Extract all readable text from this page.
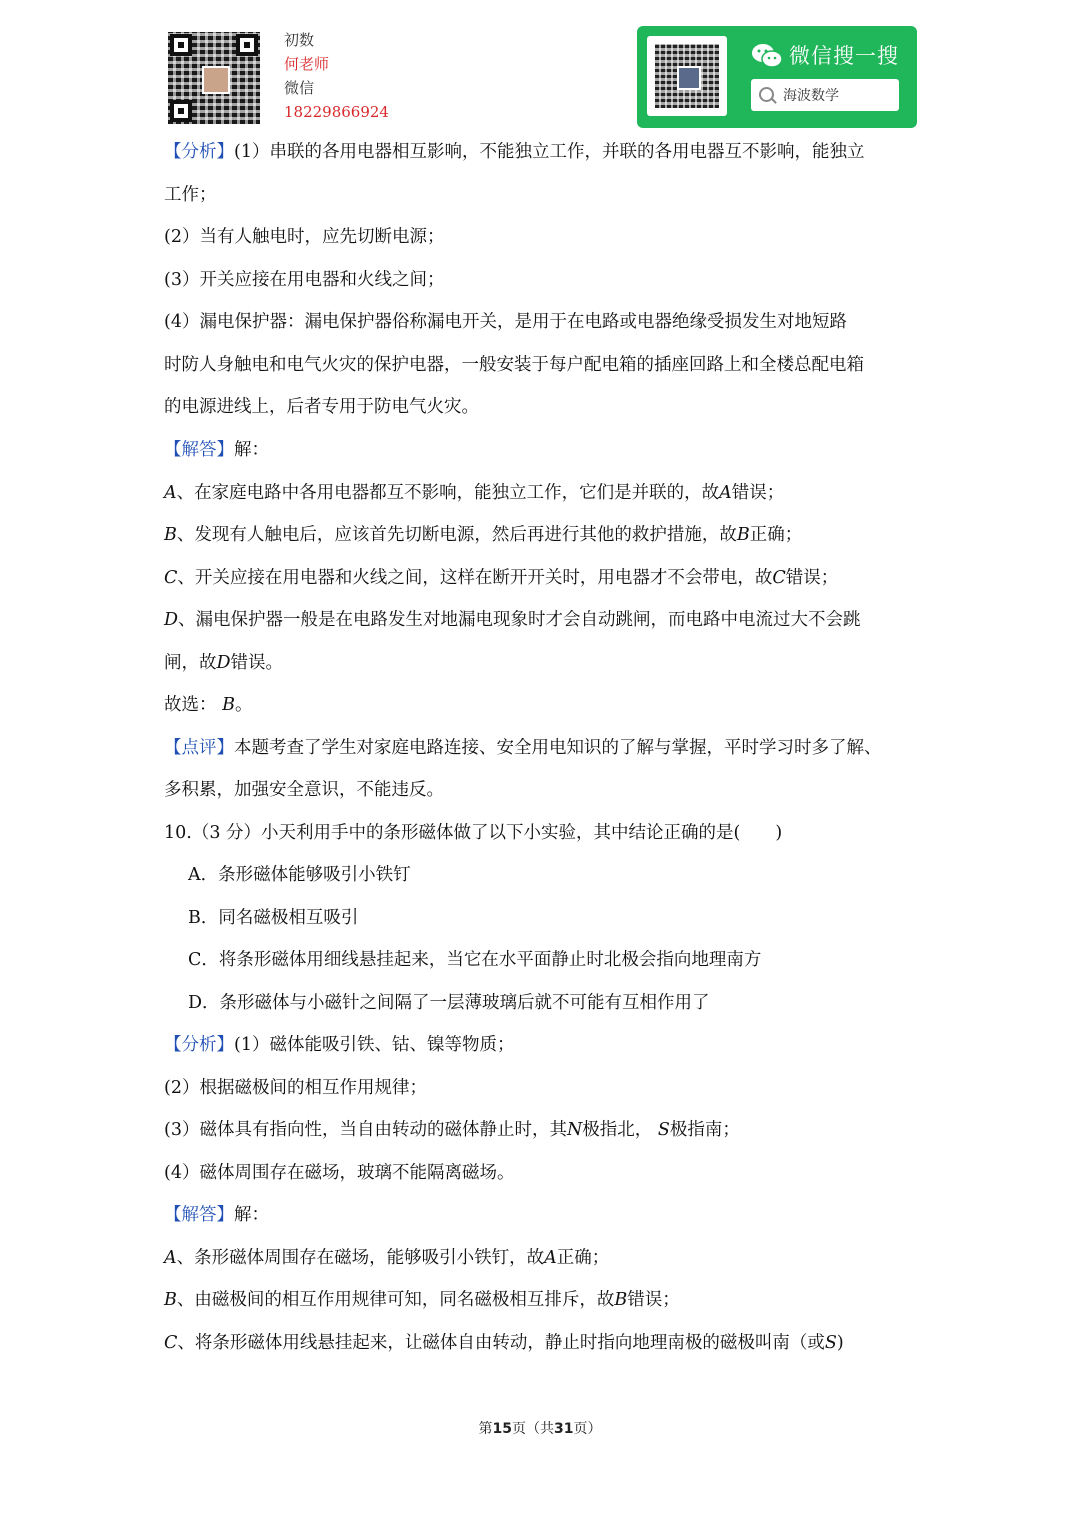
初数
何老师
微信
18229866924
微信搜一搜
海波数学
【分析】(1）串联的各用电器相互影响，不能独立工作，并联的各用电器互不影响，能独立
工作；
(2）当有人触电时，应先切断电源；
(3）开关应接在用电器和火线之间；
(4）漏电保护器：漏电保护器俗称漏电开关，是用于在电路或电器绝缘受损发生对地短路
时防人身触电和电气火灾的保护电器，一般安装于每户配电箱的插座回路上和全楼总配电箱
的电源进线上，后者专用于防电气火灾。
【解答】解：
A、在家庭电路中各用电器都互不影响，能独立工作，它们是并联的，故A错误；
B、发现有人触电后，应该首先切断电源，然后再进行其他的救护措施，故B正确；
C、开关应接在用电器和火线之间，这样在断开开关时，用电器才不会带电，故C错误；
D、漏电保护器一般是在电路发生对地漏电现象时才会自动跳闸，而电路中电流过大不会跳
闸，故D错误。
故选： B。
【点评】本题考查了学生对家庭电路连接、安全用电知识的了解与掌握，平时学习时多了解、
多积累，加强安全意识，不能违反。
10.（3 分）小天利用手中的条形磁体做了以下小实验，其中结论正确的是(　　)
A．条形磁体能够吸引小铁钉
B．同名磁极相互吸引
C．将条形磁体用细线悬挂起来，当它在水平面静止时北极会指向地理南方
D．条形磁体与小磁针之间隔了一层薄玻璃后就不可能有互相作用了
【分析】(1）磁体能吸引铁、钴、镍等物质；
(2）根据磁极间的相互作用规律；
(3）磁体具有指向性，当自由转动的磁体静止时，其N极指北， S极指南；
(4）磁体周围存在磁场，玻璃不能隔离磁场。
【解答】解：
A、条形磁体周围存在磁场，能够吸引小铁钉，故A正确；
B、由磁极间的相互作用规律可知，同名磁极相互排斥，故B错误；
C、将条形磁体用线悬挂起来，让磁体自由转动，静止时指向地理南极的磁极叫南（或S)
第15页（共31页）
